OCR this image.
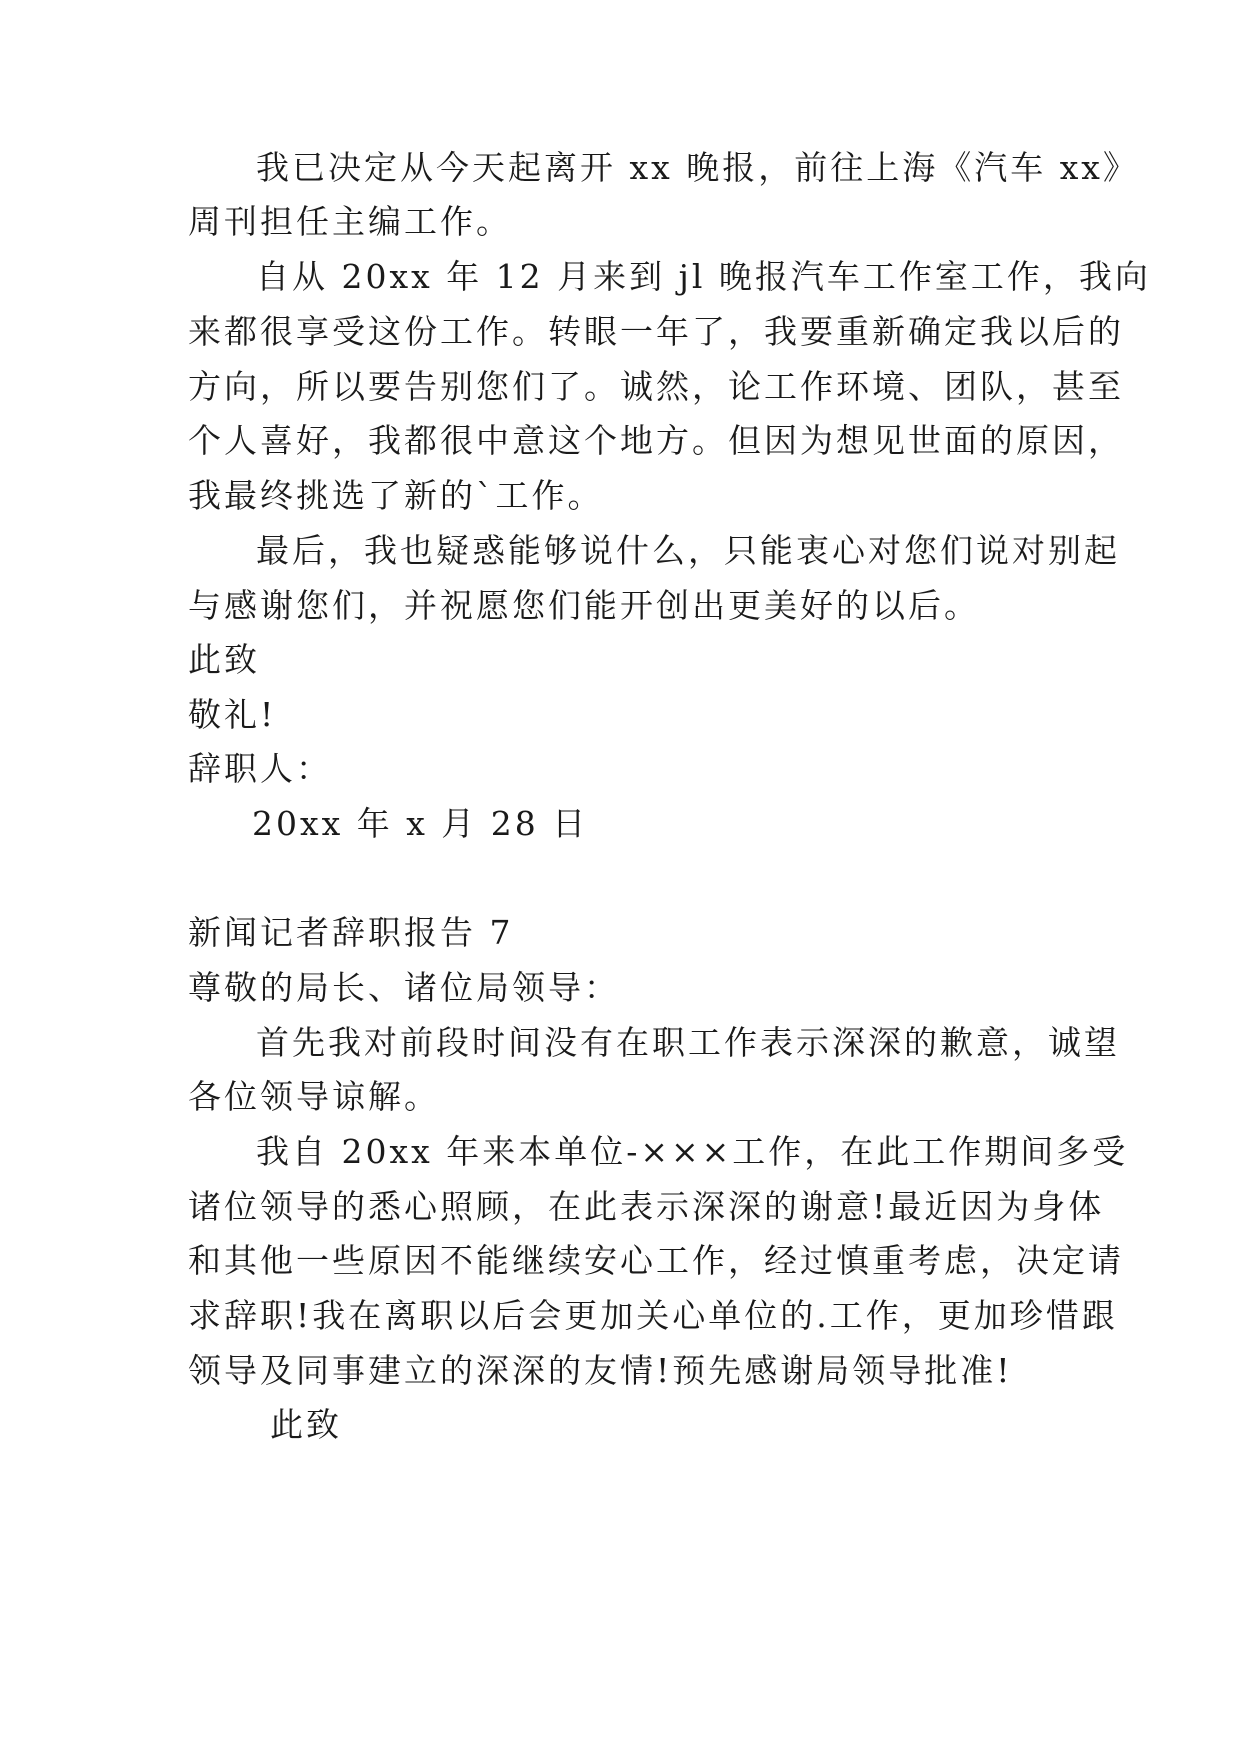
我已决定从今天起离开 xx 晚报，前往上海《汽车 xx》
周刊担任主编工作。
自从 20xx 年 12 月来到 jl 晚报汽车工作室工作，我向
来都很享受这份工作。转眼一年了，我要重新确定我以后的
方向，所以要告别您们了。诚然，论工作环境、团队，甚至
个人喜好，我都很中意这个地方。但因为想见世面的原因，
我最终挑选了新的`工作。
最后，我也疑惑能够说什么，只能衷心对您们说对别起
与感谢您们，并祝愿您们能开创出更美好的以后。
此致
敬礼!
辞职人：
20xx 年 x 月 28 日
新闻记者辞职报告 7
尊敬的局长、诸位局领导：
首先我对前段时间没有在职工作表示深深的歉意，诚望
各位领导谅解。
我自 20xx 年来本单位-×××工作，在此工作期间多受
诸位领导的悉心照顾，在此表示深深的谢意!最近因为身体
和其他一些原因不能继续安心工作，经过慎重考虑，决定请
求辞职!我在离职以后会更加关心单位的.工作，更加珍惜跟
领导及同事建立的深深的友情!预先感谢局领导批准!
此致
